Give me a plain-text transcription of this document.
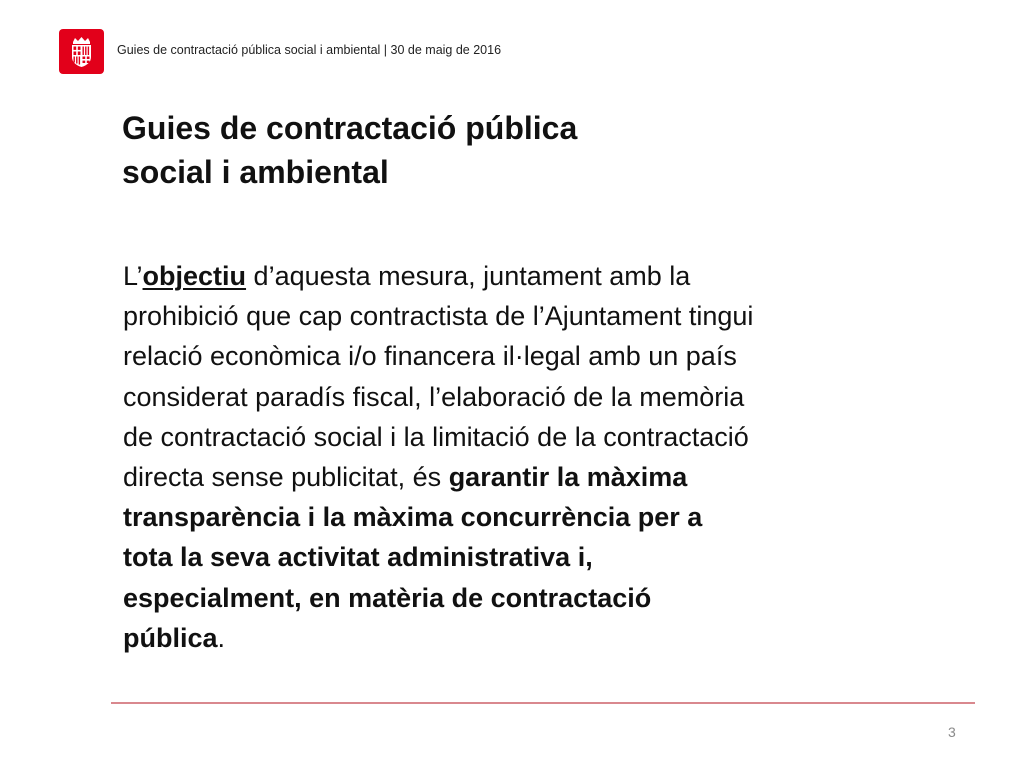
Guies de contractació pública social i ambiental | 30 de maig de 2016
Guies de contractació pública
social i ambiental
L’objectiu d’aquesta mesura, juntament amb la
prohibició que cap contractista de l’Ajuntament tingui
relació econòmica i/o financera il·legal amb un país
considerat paradís fiscal, l’elaboració de la memòria
de contractació social i la limitació de la contractació
directa sense publicitat, és garantir la màxima
transparència i la màxima concurrència per a
tota la seva activitat administrativa i,
especialment, en matèria de contractació
pública.
3
